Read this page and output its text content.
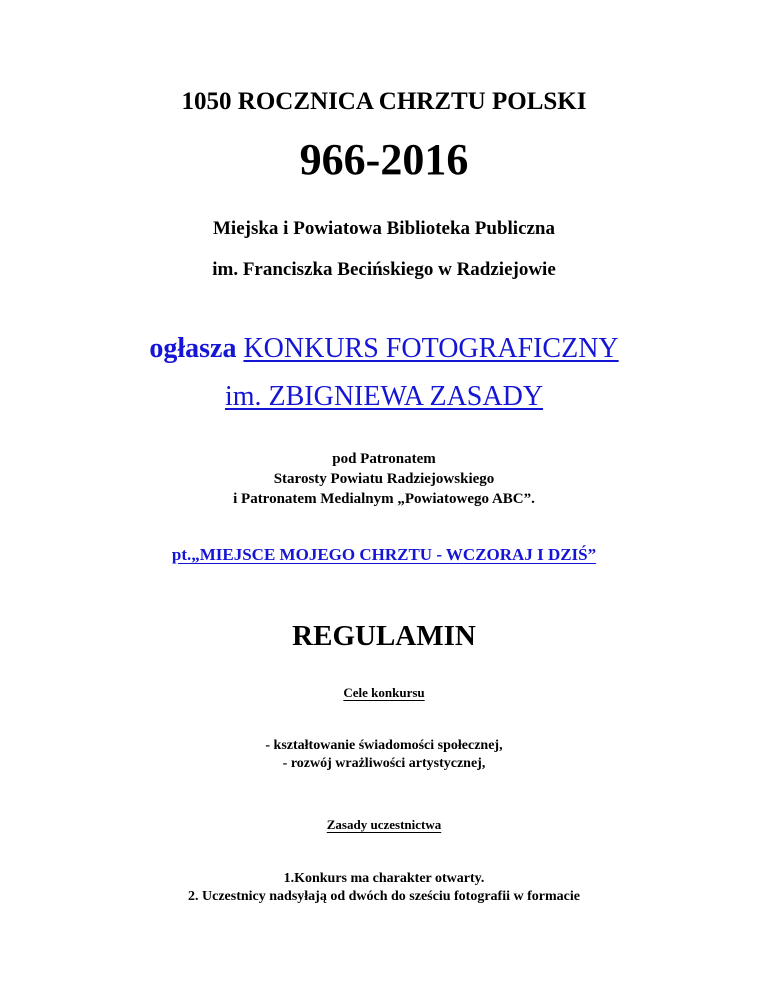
1050 ROCZNICA CHRZTU POLSKI
966-2016
Miejska i Powiatowa Biblioteka Publiczna
im. Franciszka Becińskiego w Radziejowie
ogłasza KONKURS FOTOGRAFICZNY
im. ZBIGNIEWA ZASADY
pod Patronatem
Starosty Powiatu Radziejowskiego
i Patronatem Medialnym „Powiatowego ABC”.
pt.„MIEJSCE MOJEGO CHRZTU - WCZORAJ I DZIŚ”
REGULAMIN
Cele konkursu
- kształtowanie świadomości społecznej,
- rozwój wrażliwości artystycznej,
Zasady uczestnictwa
1.Konkurs ma charakter otwarty.
2. Uczestnicy nadsyłają od dwóch do sześciu fotografii w formacie
